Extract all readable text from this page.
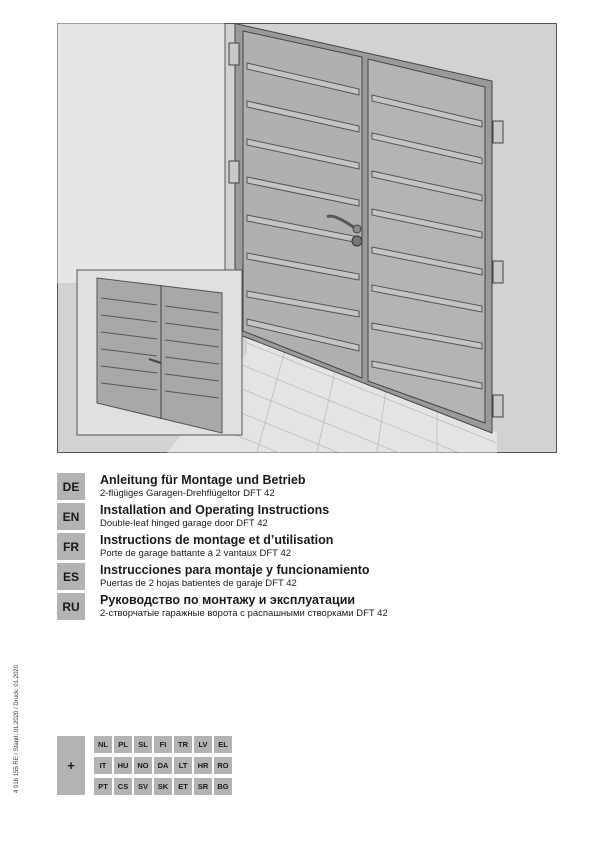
DE	Anleitung für Montage und Betrieb
2-flügliges Garagen-Drehflügeltor DFT 42
EN	Installation and Operating Instructions
Double-leaf hinged garage door DFT 42
FR	Instructions de montage et d’utilisation
Porte de garage battante à 2 vantaux DFT 42
ES	Instrucciones para montaje y funcionamiento
Puertas de 2 hojas batientes de garaje DFT 42
RU	Руководство по монтажу и эксплуатации
2-створчатые гаражные ворота с распашными створками DFT 42
4 016 155 RE / Stand: 01.2020 / Druck: 01.2020	+
NL	PL	SL	FI	TR	LV	EL
IT	HU	NO	DA	LT	HR	RO
PT	CS	SV	SK	ET	SR	BG
